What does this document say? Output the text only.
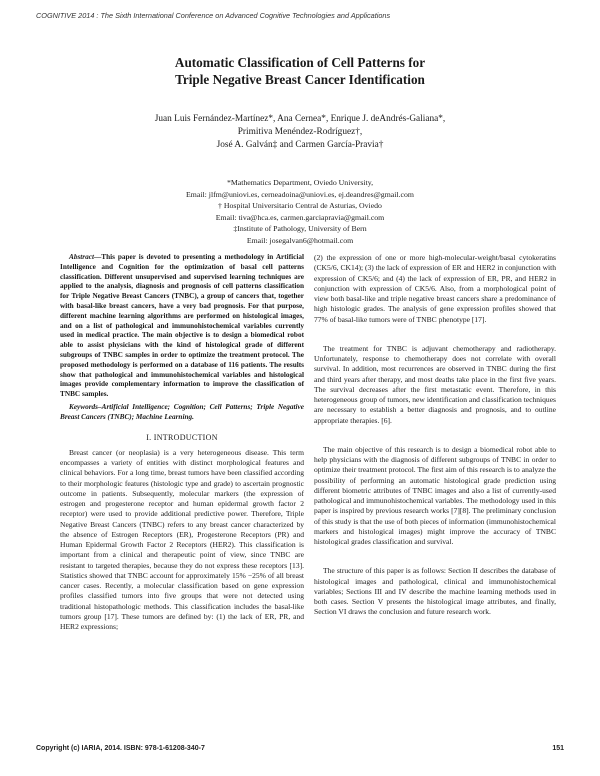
COGNITIVE 2014 : The Sixth International Conference on Advanced Cognitive Technologies and Applications
Automatic Classification of Cell Patterns for
Triple Negative Breast Cancer Identification
Juan Luis Fernández-Martínez*, Ana Cernea*, Enrique J. deAndrés-Galiana*,
Primitiva Menéndez-Rodríguez†,
José A. Galván‡ and Carmen García-Pravia†
*Mathematics Department, Oviedo University,
Email: jlfm@uniovi.es, cerneadoina@uniovi.es, ej.deandres@gmail.com
† Hospital Universitario Central de Asturias, Oviedo
Email: tiva@hca.es, carmen.garciapravia@gmail.com
‡Institute of Pathology, University of Bern
Email: josegalvan6@hotmail.com

Abstract—This paper is devoted to presenting a methodology in Artificial Intelligence and Cognition for the optimization of basal cell patterns classification. Different unsupervised and supervised learning techniques are applied to the analysis, diagnosis and prognosis of cell patterns classification for Triple Negative Breast Cancers (TNBC), a group of cancers that, together with basal-like breast cancers, have a very bad prognosis. For that purpose, different machine learning algorithms are performed on histological images, and on a list of pathological and immunohistochemical variables currently used in medical practice. The main objective is to design a biomedical robot able to assist physicians with the kind of histological grade of different subgroups of TNBC samples in order to optimize the treatment protocol. The proposed methodology is performed on a database of 116 patients. The results show that pathological and immunohistochemical variables and histological images provide complementary information to improve the classification of TNBC samples.

Keywords–Artificial Intelligence; Cognition; Cell Patterns; Triple Negative Breast Cancers (TNBC); Machine Learning.

I. INTRODUCTION

Breast cancer (or neoplasia) is a very heterogeneous disease. This term encompasses a variety of entities with distinct morphological features and clinical behaviors. For a long time, breast tumors have been classified according to their morphologic features (histologic type and grade) to ascertain prognostic outcome in patients. Subsequently, molecular markers (the expression of estrogen and progesterone receptor and human epidermal growth factor 2 receptor) were used to provide additional predictive power. Therefore, Triple Negative Breast Cancers (TNBC) refers to any breast cancer characterized by the absence of Estrogen Receptors (ER), Progesterone Receptors (PR) and Human Epidermal Growth Factor 2 Receptors (HER2). This classification is important from a clinical and therapeutic point of view, since TNBC are resistant to targeted therapies, because they do not express these receptors [13]. Statistics showed that TNBC account for approximately 15% −25% of all breast cancer cases. Recently, a molecular classification based on gene expression profiles classified tumors into five groups that were not detected using traditional histopathologic methods. This classification includes the basal-like tumors group [17]. These tumors are defined by: (1) the lack of ER, PR, and HER2 expressions;

(2) the expression of one or more high-molecular-weight/basal cytokeratins (CK5/6, CK14); (3) the lack of expression of ER and HER2 in conjunction with expression of CK5/6; and (4) the lack of expression of ER, PR, and HER2 in conjunction with expression of CK5/6. Also, from a morphological point of view both basal-like and triple negative breast cancers share a predominance of high histologic grades. The analysis of gene expression profiles showed that 77% of basal-like tumors were of TNBC phenotype [17].

The treatment for TNBC is adjuvant chemotherapy and radiotherapy. Unfortunately, response to chemotherapy does not correlate with overall survival. In addition, most recurrences are observed in TNBC during the first and third years after therapy, and most deaths take place in the first five years. The survival decreases after the first metastatic event. Therefore, in this heterogeneous group of tumors, new identification and classification techniques are necessary to establish a better diagnosis and prognosis, and to outline appropriate therapies. [6].

The main objective of this research is to design a biomedical robot able to help physicians with the diagnosis of different subgroups of TNBC in order to optimize their treatment protocol. The first aim of this research is to analyze the possibility of performing an automatic histological grade prediction using different biometric attributes of TNBC images and also a list of currently-used pathological and immunohistochemical variables. The methodology used in this paper is inspired by previous research works [7][8]. The preliminary conclusion of this study is that the use of both pieces of information (immunohistochemical markers and histological images) might improve the accuracy of TNBC histological grades classification and survival.

The structure of this paper is as follows: Section II describes the database of histological images and pathological, clinical and immunohistochemical variables; Sections III and IV describe the machine learning methods used in both cases. Section V presents the histological image attributes, and finally, Section VI draws the conclusion and future research work.

Copyright (c) IARIA, 2014. ISBN: 978-1-61208-340-7	151
